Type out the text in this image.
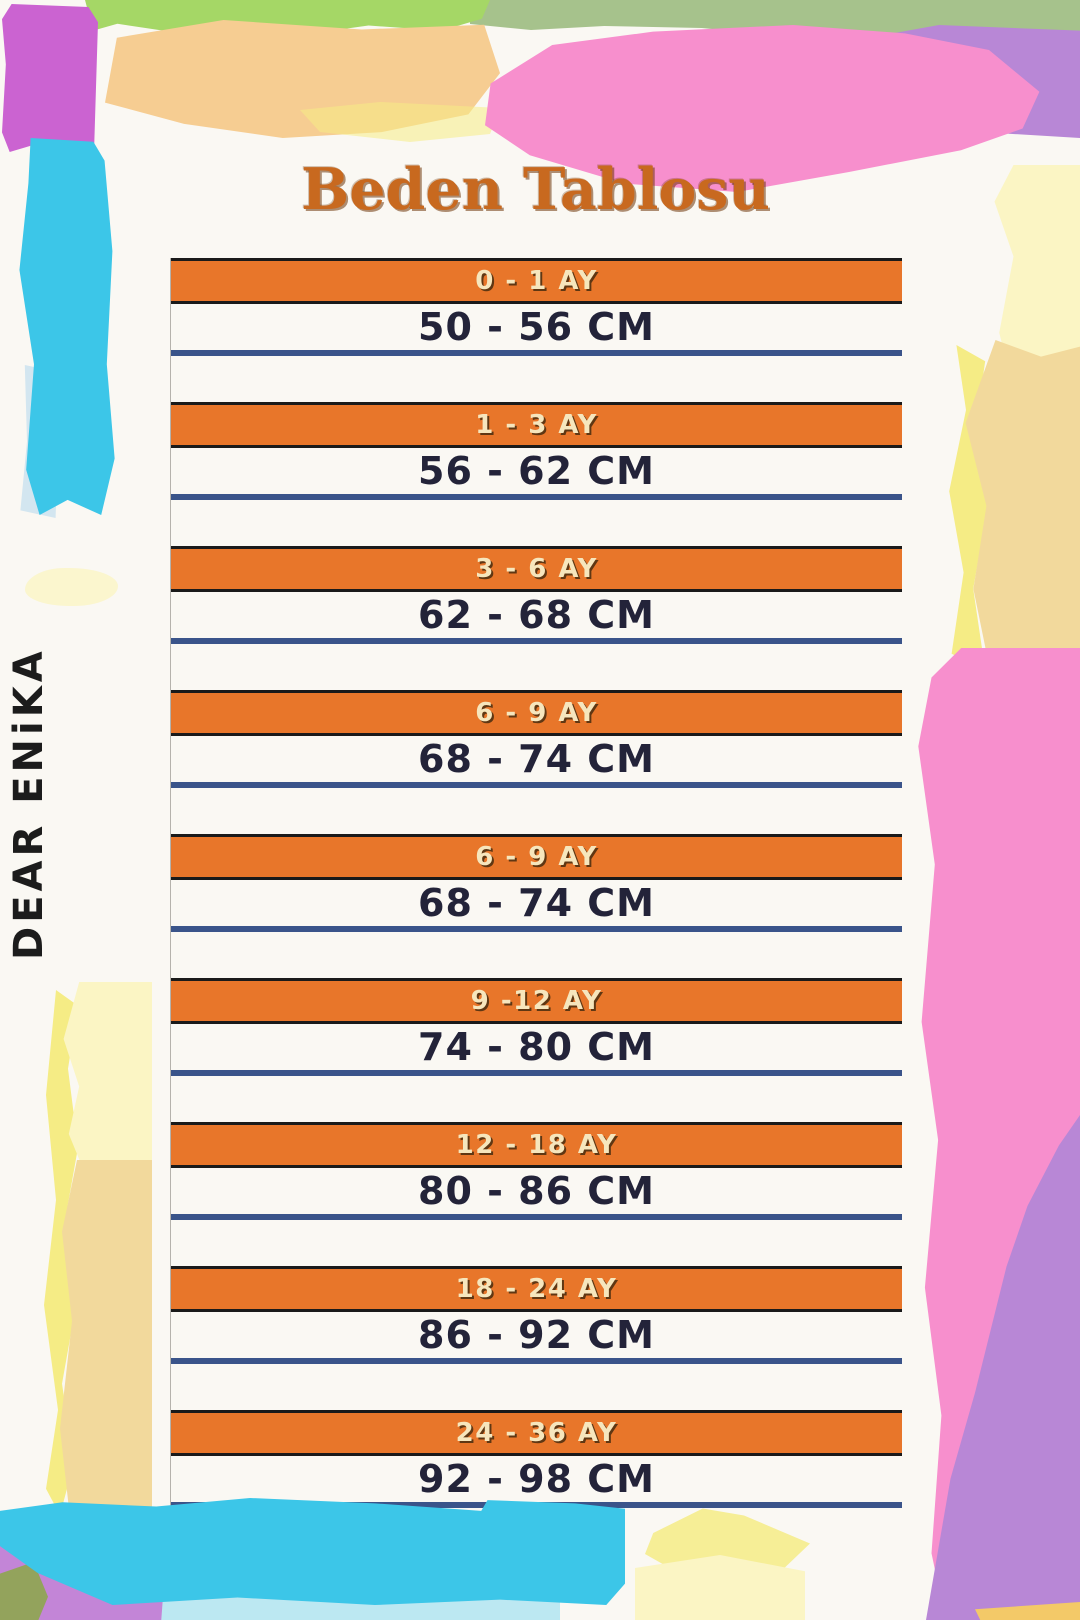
Beden Tablosu
DEAR ENiKA
0 - 1 AY
50 - 56 CM
1 - 3 AY
56 - 62 CM
3 - 6 AY
62 - 68 CM
6 - 9 AY
68 - 74 CM
6 - 9 AY
68 - 74 CM
9 -12 AY
74 - 80 CM
12 - 18 AY
80 - 86 CM
18 - 24 AY
86 - 92 CM
24 - 36 AY
92 - 98 CM
